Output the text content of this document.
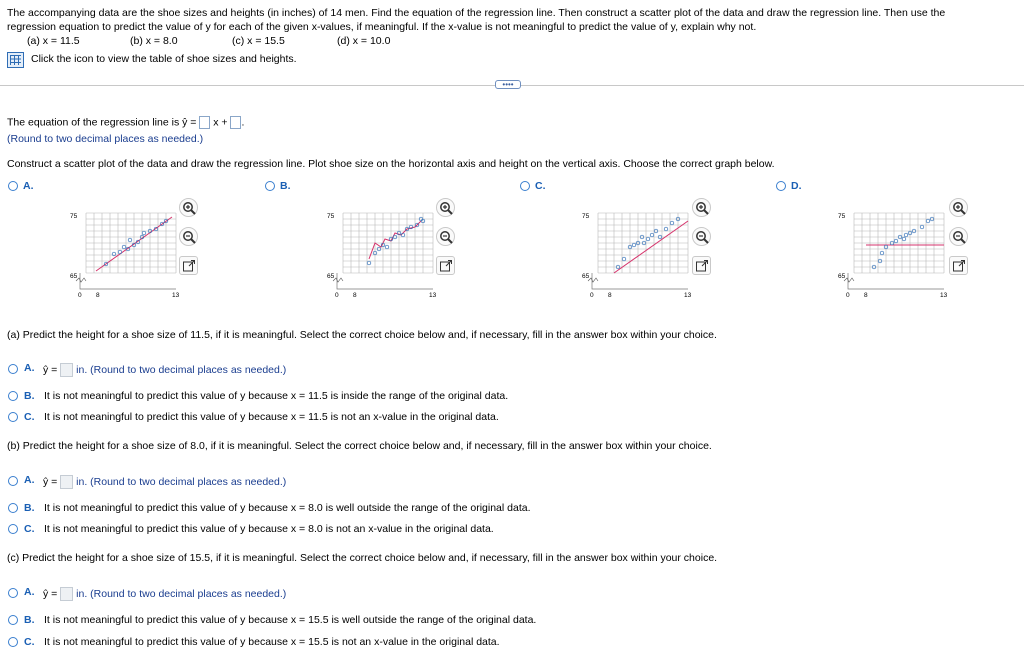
The accompanying data are the shoe sizes and heights (in inches) of 14 men. Find the equation of the regression line. Then construct a scatter plot of the data and draw the regression line. Then use the
regression equation to predict the value of y for each of the given x-values, if meaningful. If the x-value is not meaningful to predict the value of y, explain why not.
(a) x = 11.5	(b) x = 8.0	(c) x = 15.5	(d) x = 10.0
Click the icon to view the table of shoe sizes and heights.
••••
The equation of the regression line is ŷ = x + .
(Round to two decimal places as needed.)
Construct a scatter plot of the data and draw the regression line. Plot shoe size on the horizontal axis and height on the vertical axis. Choose the correct graph below.
A.	B.	C.	D.
75
65
0 8	13
75
65
0 8	13
75
65
0 8	13
75
65
0 8	13
(a) Predict the height for a shoe size of 11.5, if it is meaningful. Select the correct choice below and, if necessary, fill in the answer box within your choice.
A. ŷ = in. (Round to two decimal places as needed.)
B. It is not meaningful to predict this value of y because x = 11.5 is inside the range of the original data.
C. It is not meaningful to predict this value of y because x = 11.5 is not an x-value in the original data.
(b) Predict the height for a shoe size of 8.0, if it is meaningful. Select the correct choice below and, if necessary, fill in the answer box within your choice.
A. ŷ = in. (Round to two decimal places as needed.)
B. It is not meaningful to predict this value of y because x = 8.0 is well outside the range of the original data.
C. It is not meaningful to predict this value of y because x = 8.0 is not an x-value in the original data.
(c) Predict the height for a shoe size of 15.5, if it is meaningful. Select the correct choice below and, if necessary, fill in the answer box within your choice.
A. ŷ = in. (Round to two decimal places as needed.)
B. It is not meaningful to predict this value of y because x = 15.5 is well outside the range of the original data.
C. It is not meaningful to predict this value of y because x = 15.5 is not an x-value in the original data.
